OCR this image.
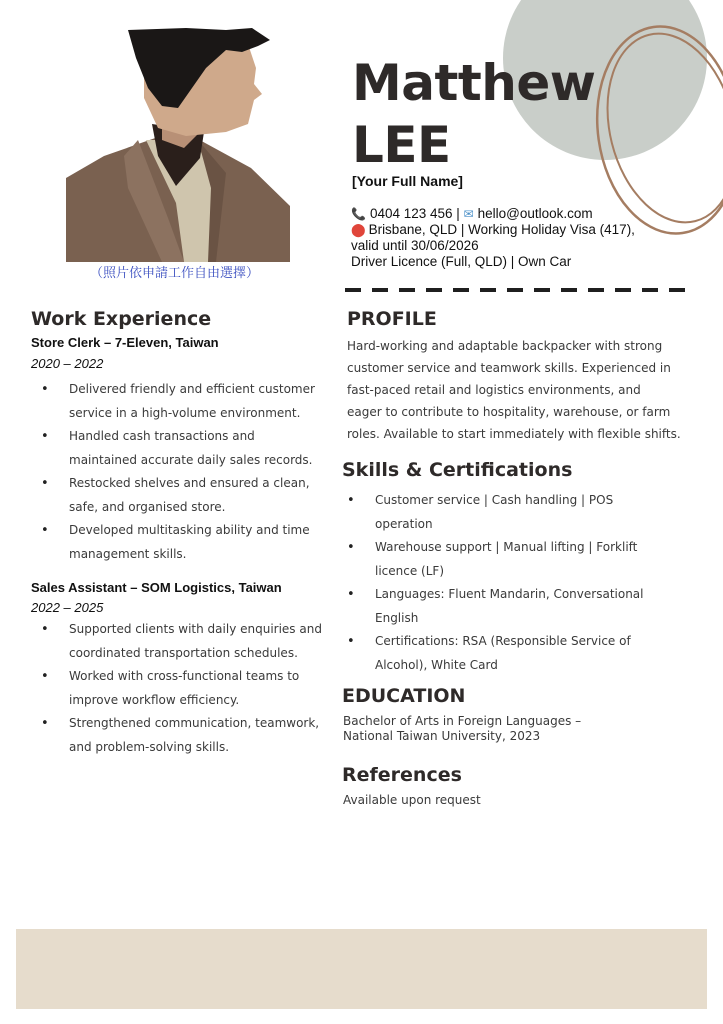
（照片依申請工作自由選擇）
Matthew
LEE
[Your Full Name]
📞 0404 123 456 | ✉ hello@outlook.com
⬤ Brisbane, QLD | Working Holiday Visa (417),
valid until 30/06/2026
Driver Licence (Full, QLD) | Own Car
Work Experience
Store Clerk – 7-Eleven, Taiwan
2020 – 2022
• Delivered friendly and efficient customer
service in a high-volume environment.
• Handled cash transactions and
maintained accurate daily sales records.
• Restocked shelves and ensured a clean,
safe, and organised store.
• Developed multitasking ability and time
management skills.
Sales Assistant – SOM Logistics, Taiwan
2022 – 2025
• Supported clients with daily enquiries and
coordinated transportation schedules.
• Worked with cross-functional teams to
improve workflow efficiency.
• Strengthened communication, teamwork,
and problem-solving skills.
PROFILE

Hard-working and adaptable backpacker with strong
customer service and teamwork skills. Experienced in
fast-paced retail and logistics environments, and
eager to contribute to hospitality, warehouse, or farm
roles. Available to start immediately with flexible shifts.

Skills & Certifications
• Customer service | Cash handling | POS
operation
• Warehouse support | Manual lifting | Forklift
licence (LF)
• Languages: Fluent Mandarin, Conversational
English
• Certifications: RSA (Responsible Service of
Alcohol), White Card
EDUCATION

Bachelor of Arts in Foreign Languages –
National Taiwan University, 2023

References

Available upon request
